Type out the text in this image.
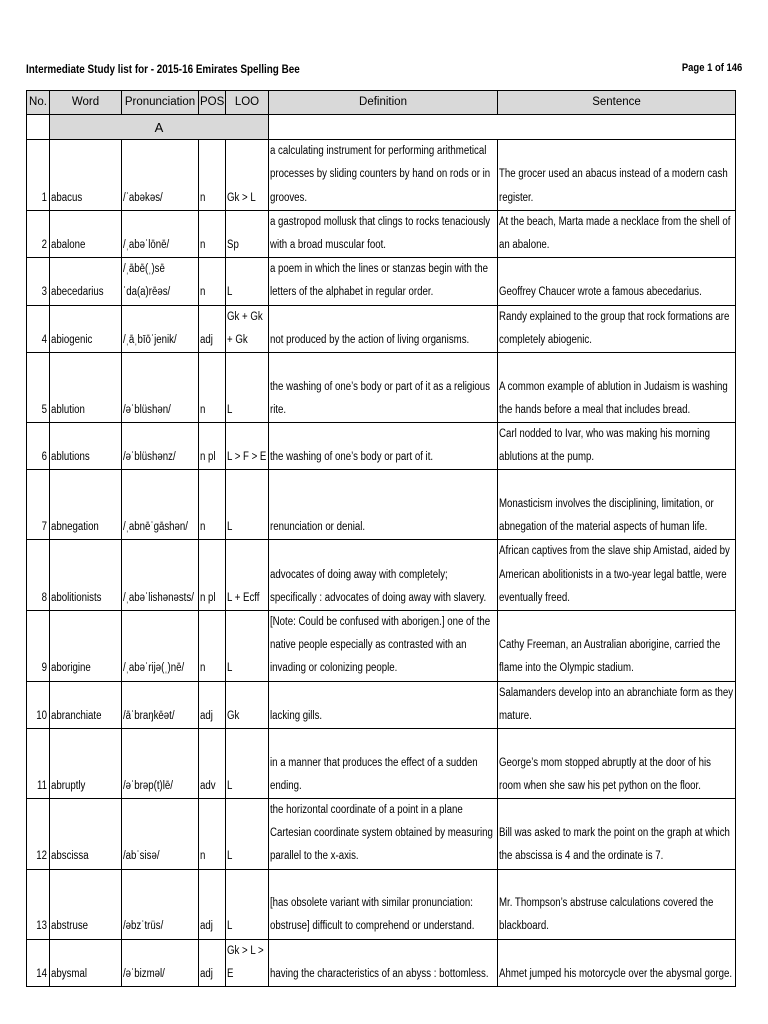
Intermediate Study list for - 2015-16 Emirates Spelling Bee	Page 1 of 146
No.	Word	Pronunciation	POS	LOO	Definition	Sentence
	A					

1	abacus	/ˈabəkəs/	n	Gk > L	a calculating instrument for performing arithmetical processes by sliding counters by hand on rods or in grooves.	The grocer used an abacus instead of a modern cash register.

2	abalone	/ˌabəˈlōnē/	n	Sp	a gastropod mollusk that clings to rocks tenaciously with a broad muscular foot.	At the beach, Marta made a necklace from the shell of an abalone.

3	abecedarius	/ˌābē(ˌ)sēˈda(a)rēəs/	n	L	a poem in which the lines or stanzas begin with the letters of the alphabet in regular order.	Geoffrey Chaucer wrote a famous abecedarius.

4	abiogenic	/ˌāˌbīōˈjenik/	adj	Gk + Gk + Gk	not produced by the action of living organisms.	Randy explained to the group that rock formations are completely abiogenic.

5	ablution	/əˈblüshən/	n	L	the washing of one’s body or part of it as a religious rite.	A common example of ablution in Judaism is washing the hands before a meal that includes bread.

6	ablutions	/əˈblüshənz/	n pl	L > F > E	the washing of one’s body or part of it.	Carl nodded to Ivar, who was making his morning ablutions at the pump.

7	abnegation	/ˌabnēˈgāshən/	n	L	renunciation or denial.	Monasticism involves the disciplining, limitation, or abnegation of the material aspects of human life.

8	abolitionists	/ˌabəˈlishənəsts/	n pl	L + Ecff	advocates of doing away with completely; specifically : advocates of doing away with slavery.	African captives from the slave ship Amistad, aided by American abolitionists in a two-year legal battle, were eventually freed.

9	aborigine	/ˌabəˈrijə(ˌ)nē/	n	L	[Note: Could be confused with aborigen.] one of the native people especially as contrasted with an invading or colonizing people.	Cathy Freeman, an Australian aborigine, carried the flame into the Olympic stadium.

10	abranchiate	/āˈbraŋkēət/	adj	Gk	lacking gills.	Salamanders develop into an abranchiate form as they mature.

11	abruptly	/əˈbrəp(t)lē/	adv	L	in a manner that produces the effect of a sudden ending.	George’s mom stopped abruptly at the door of his room when she saw his pet python on the floor.

12	abscissa	/abˈsisə/	n	L	the horizontal coordinate of a point in a plane Cartesian coordinate system obtained by measuring parallel to the x-axis.	Bill was asked to mark the point on the graph at which the abscissa is 4 and the ordinate is 7.

13	abstruse	/əbzˈtrüs/	adj	L	[has obsolete variant with similar pronunciation: obstruse] difficult to comprehend or understand.	Mr. Thompson’s abstruse calculations covered the blackboard.

14	abysmal	/əˈbizməl/	adj	Gk > L > E	having the characteristics of an abyss : bottomless.	Ahmet jumped his motorcycle over the abysmal gorge.
